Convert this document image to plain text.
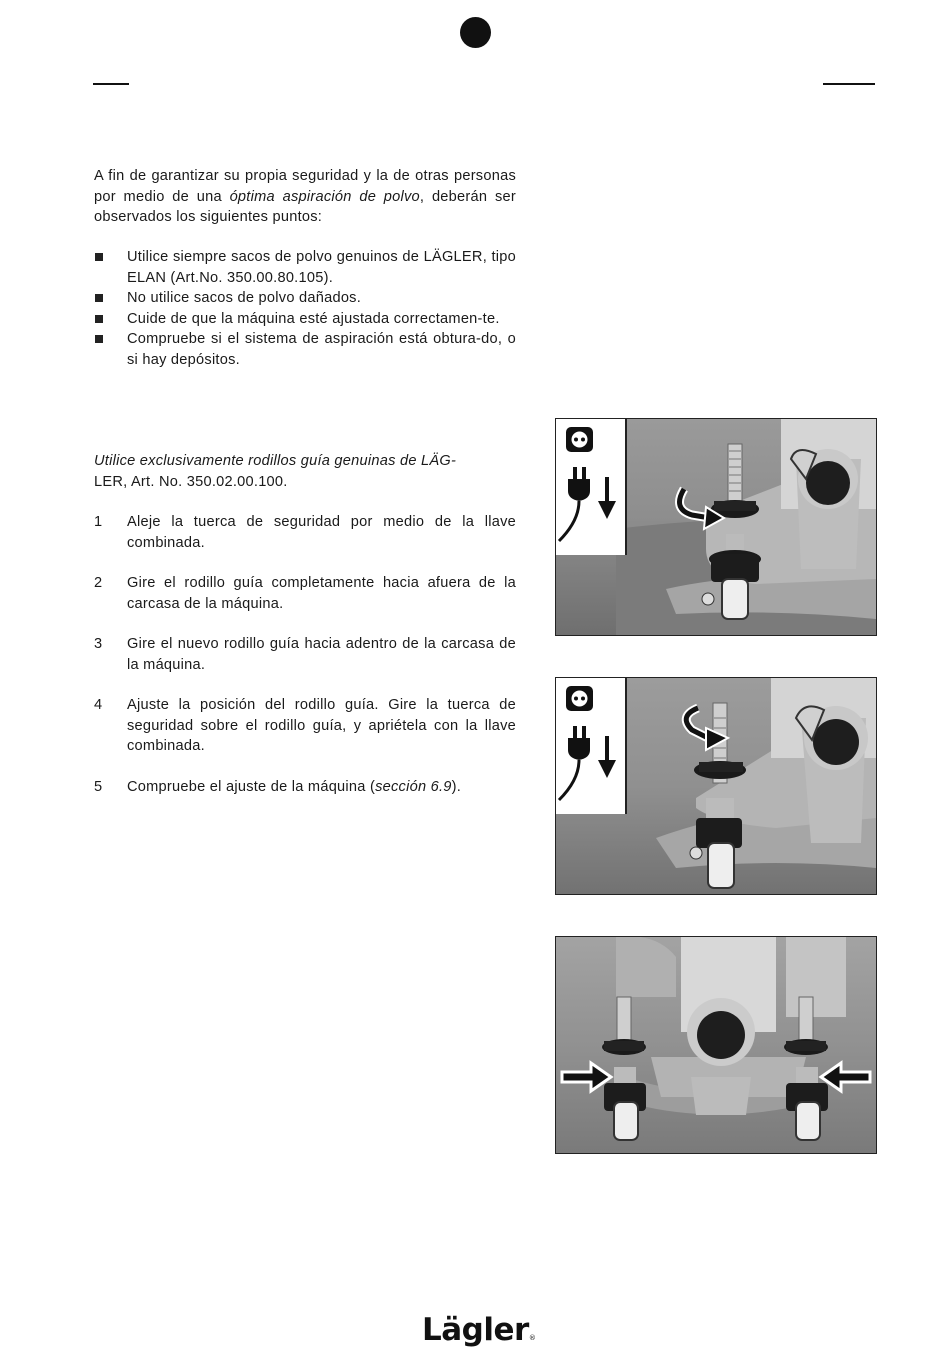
A fin de garantizar su propia seguridad y la de otras personas por medio de una óptima aspiración de polvo, deberán ser observados los siguientes puntos:

Utilice siempre sacos de polvo genuinos de LÄGLER, tipo ELAN (Art.No. 350.00.80.105).
No utilice sacos de polvo dañados.
Cuide de que la máquina esté ajustada correctamen-te.
Compruebe si el sistema de aspiración está obtura-do, o si hay depósitos.

Utilice exclusivamente rodillos guía genuinas de LÄG-
LER, Art. No. 350.02.00.100.

1	Aleje la tuerca de seguridad por medio de la llave combinada.
2	Gire el rodillo guía completamente hacia afuera de la carcasa de la máquina.
3	Gire el nuevo rodillo guía hacia adentro de la carcasa de la máquina.
4	Ajuste la posición del rodillo guía. Gire la tuerca de seguridad sobre el rodillo guía, y apriétela con la llave combinada.
5	Compruebe el ajuste de la máquina (sección 6.9).
Lägler®
